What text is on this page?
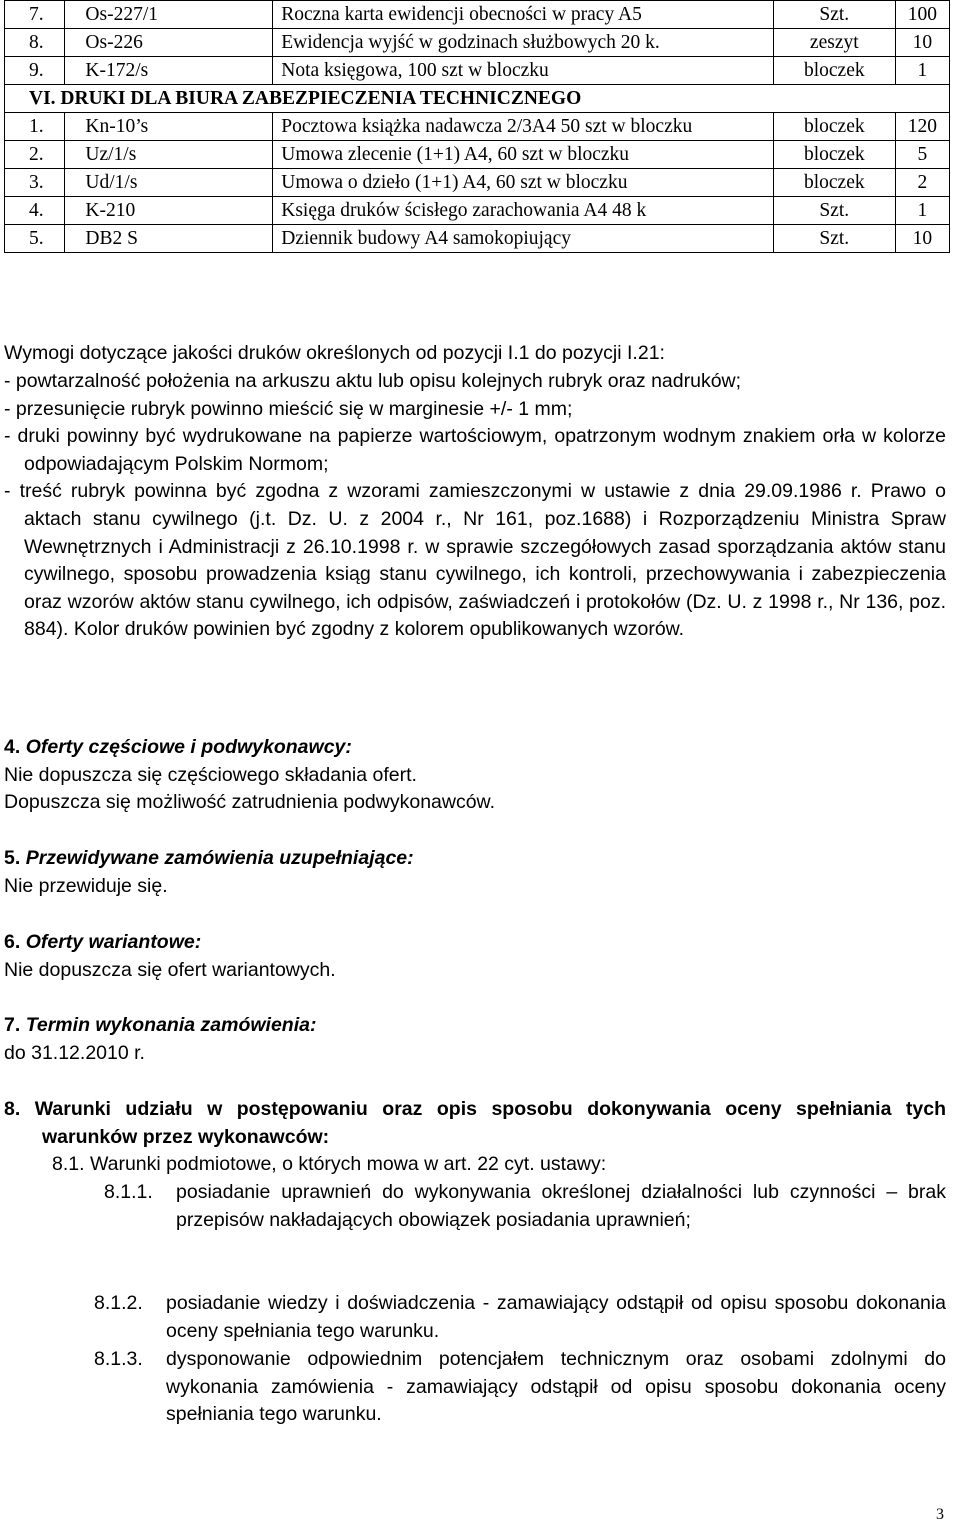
7.	Os-227/1	Roczna karta ewidencji obecności w pracy A5	Szt.	100
8.	Os-226	Ewidencja wyjść w godzinach służbowych 20 k.	zeszyt	10
9.	K-172/s	Nota księgowa, 100 szt w bloczku	bloczek	1
VI. DRUKI DLA BIURA ZABEZPIECZENIA TECHNICZNEGO				
1.	Kn-10’s	Pocztowa książka nadawcza 2/3A4 50 szt w bloczku	bloczek	120
2.	Uz/1/s	Umowa zlecenie (1+1) A4, 60 szt w bloczku	bloczek	5
3.	Ud/1/s	Umowa o dzieło (1+1) A4, 60 szt w bloczku	bloczek	2
4.	K-210	Księga druków ścisłego zarachowania A4 48 k	Szt.	1
5.	DB2 S	Dziennik budowy A4 samokopiujący	Szt.	10

Wymogi dotyczące jakości druków określonych od pozycji I.1 do pozycji I.21:

- powtarzalność położenia na arkuszu aktu lub opisu kolejnych rubryk oraz nadruków;
- przesunięcie rubryk powinno mieścić się w marginesie +/- 1 mm;
- druki powinny być wydrukowane na papierze wartościowym, opatrzonym wodnym znakiem orła w kolorze odpowiadającym Polskim Normom;
- treść rubryk powinna być zgodna z wzorami zamieszczonymi w ustawie z dnia 29.09.1986 r. Prawo o aktach stanu cywilnego (j.t. Dz. U. z 2004 r., Nr 161, poz.1688) i Rozporządzeniu Ministra Spraw Wewnętrznych i Administracji z 26.10.1998 r. w sprawie szczegółowych zasad sporządzania aktów stanu cywilnego, sposobu prowadzenia ksiąg stanu cywilnego, ich kontroli, przechowywania i zabezpieczenia oraz wzorów aktów stanu cywilnego, ich odpisów, zaświadczeń i protokołów (Dz. U. z 1998 r., Nr 136, poz. 884). Kolor druków powinien być zgodny z kolorem opublikowanych wzorów.
4. Oferty częściowe i podwykonawcy:

Nie dopuszcza się częściowego składania ofert.

Dopuszcza się możliwość zatrudnienia podwykonawców.

5. Przewidywane zamówienia uzupełniające:

Nie przewiduje się.

6. Oferty wariantowe:

Nie dopuszcza się ofert wariantowych.

7. Termin wykonania zamówienia:

do 31.12.2010 r.

8. Warunki udziału w postępowaniu oraz opis sposobu dokonywania oceny spełniania tych warunków przez wykonawców:
8.1. Warunki podmiotowe, o których mowa w art. 22 cyt. ustawy:
8.1.1.	posiadanie uprawnień do wykonywania określonej działalności lub czynności – brak przepisów nakładających obowiązek posiadania uprawnień;
8.1.2.	posiadanie wiedzy i doświadczenia - zamawiający odstąpił od opisu sposobu dokonania oceny spełniania tego warunku.
8.1.3.	dysponowanie odpowiednim potencjałem technicznym oraz osobami zdolnymi do wykonania zamówienia - zamawiający odstąpił od opisu sposobu dokonania oceny spełniania tego warunku.
3
